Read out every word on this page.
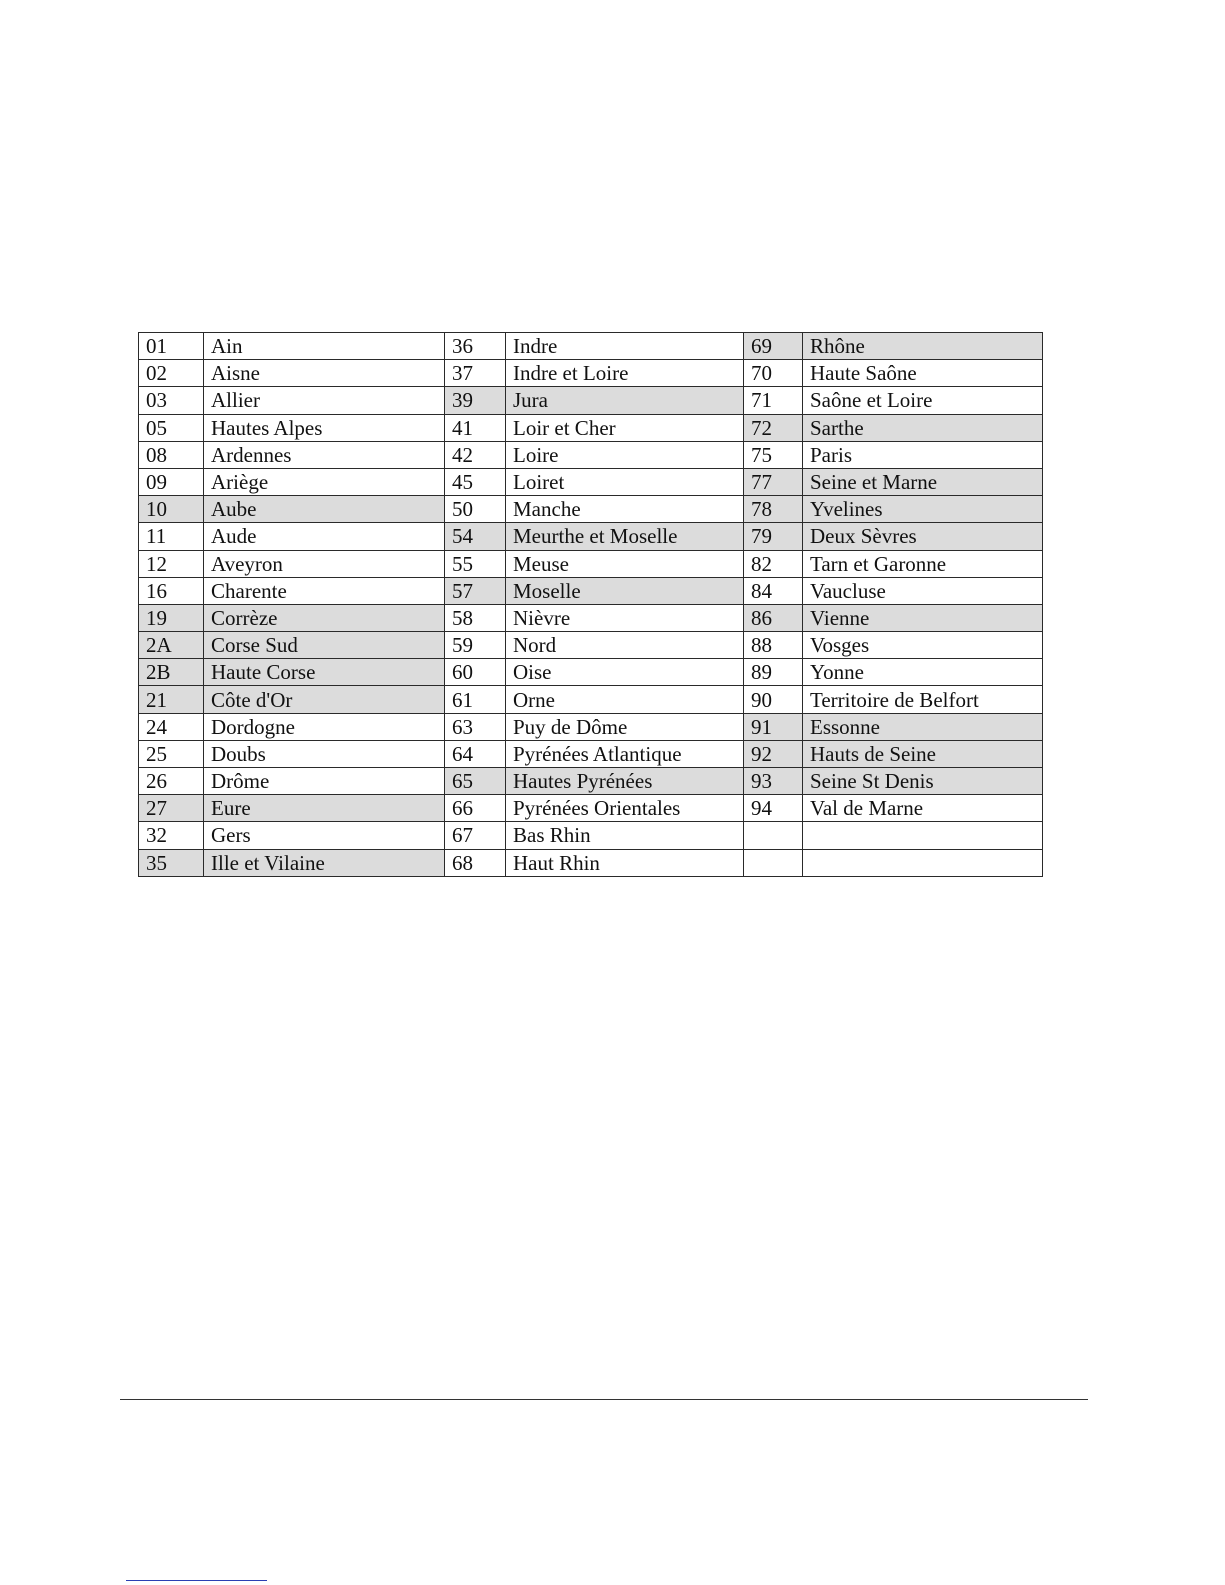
01	Ain	36	Indre	69	Rhône
02	Aisne	37	Indre et Loire	70	Haute Saône
03	Allier	39	Jura	71	Saône et Loire
05	Hautes Alpes	41	Loir et Cher	72	Sarthe
08	Ardennes	42	Loire	75	Paris
09	Ariège	45	Loiret	77	Seine et Marne
10	Aube	50	Manche	78	Yvelines
11	Aude	54	Meurthe et Moselle	79	Deux Sèvres
12	Aveyron	55	Meuse	82	Tarn et Garonne
16	Charente	57	Moselle	84	Vaucluse
19	Corrèze	58	Nièvre	86	Vienne
2A	Corse Sud	59	Nord	88	Vosges
2B	Haute Corse	60	Oise	89	Yonne
21	Côte d'Or	61	Orne	90	Territoire de Belfort
24	Dordogne	63	Puy de Dôme	91	Essonne
25	Doubs	64	Pyrénées Atlantique	92	Hauts de Seine
26	Drôme	65	Hautes Pyrénées	93	Seine St Denis
27	Eure	66	Pyrénées Orientales	94	Val de Marne
32	Gers	67	Bas Rhin		
35	Ille et Vilaine	68	Haut Rhin		
